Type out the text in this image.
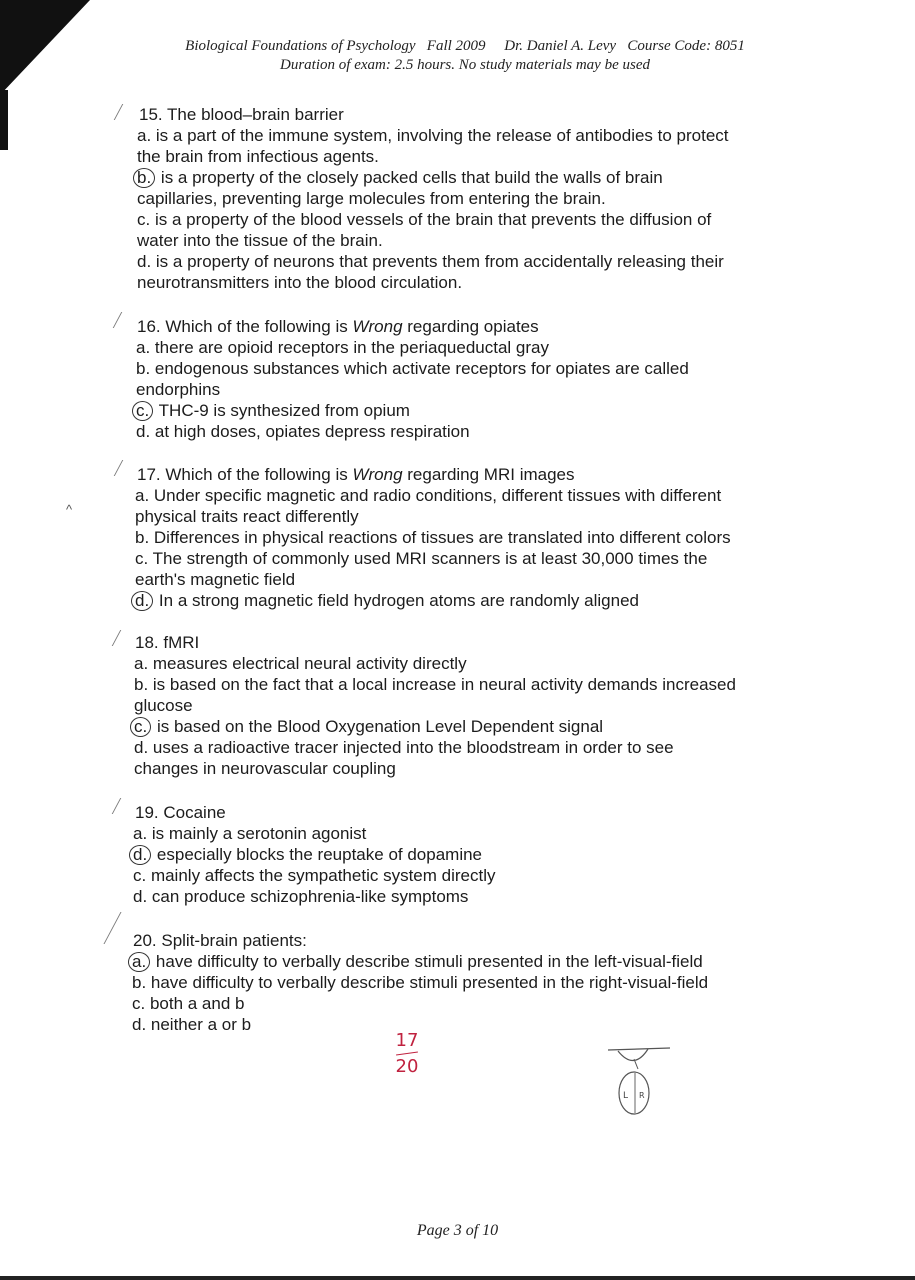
Biological Foundations of Psychology   Fall 2009     Dr. Daniel A. Levy   Course Code: 8051
Duration of exam: 2.5 hours. No study materials may be used
15. The blood–brain barrier
a. is a part of the immune system, involving the release of antibodies to protect
the brain from infectious agents.
b. is a property of the closely packed cells that build the walls of brain
capillaries, preventing large molecules from entering the brain.
c. is a property of the blood vessels of the brain that prevents the diffusion of
water into the tissue of the brain.
d. is a property of neurons that prevents them from accidentally releasing their
neurotransmitters into the blood circulation.
16. Which of the following is Wrong regarding opiates
a. there are opioid receptors in the periaqueductal gray
b. endogenous substances which activate receptors for opiates are called
endorphins
c. THC-9 is synthesized from opium
d. at high doses, opiates depress respiration
17. Which of the following is Wrong regarding MRI images
a. Under specific magnetic and radio conditions, different tissues with different
physical traits react differently
b. Differences in physical reactions of tissues are translated into different colors
c. The strength of commonly used MRI scanners is at least 30,000 times the
earth's magnetic field
d. In a strong magnetic field hydrogen atoms are randomly aligned
^
18. fMRI
a. measures electrical neural activity directly
b. is based on the fact that a local increase in neural activity demands increased
glucose
c. is based on the Blood Oxygenation Level Dependent signal
d. uses a radioactive tracer injected into the bloodstream in order to see
changes in neurovascular coupling
19. Cocaine
a. is mainly a serotonin agonist
d. especially blocks the reuptake of dopamine
c. mainly affects the sympathetic system directly
d. can produce schizophrenia-like symptoms
20. Split-brain patients:
a. have difficulty to verbally describe stimuli presented in the left-visual-field
b. have difficulty to verbally describe stimuli presented in the right-visual-field
c. both a and b
d. neither a or b
17
20
L R
Page 3 of 10
